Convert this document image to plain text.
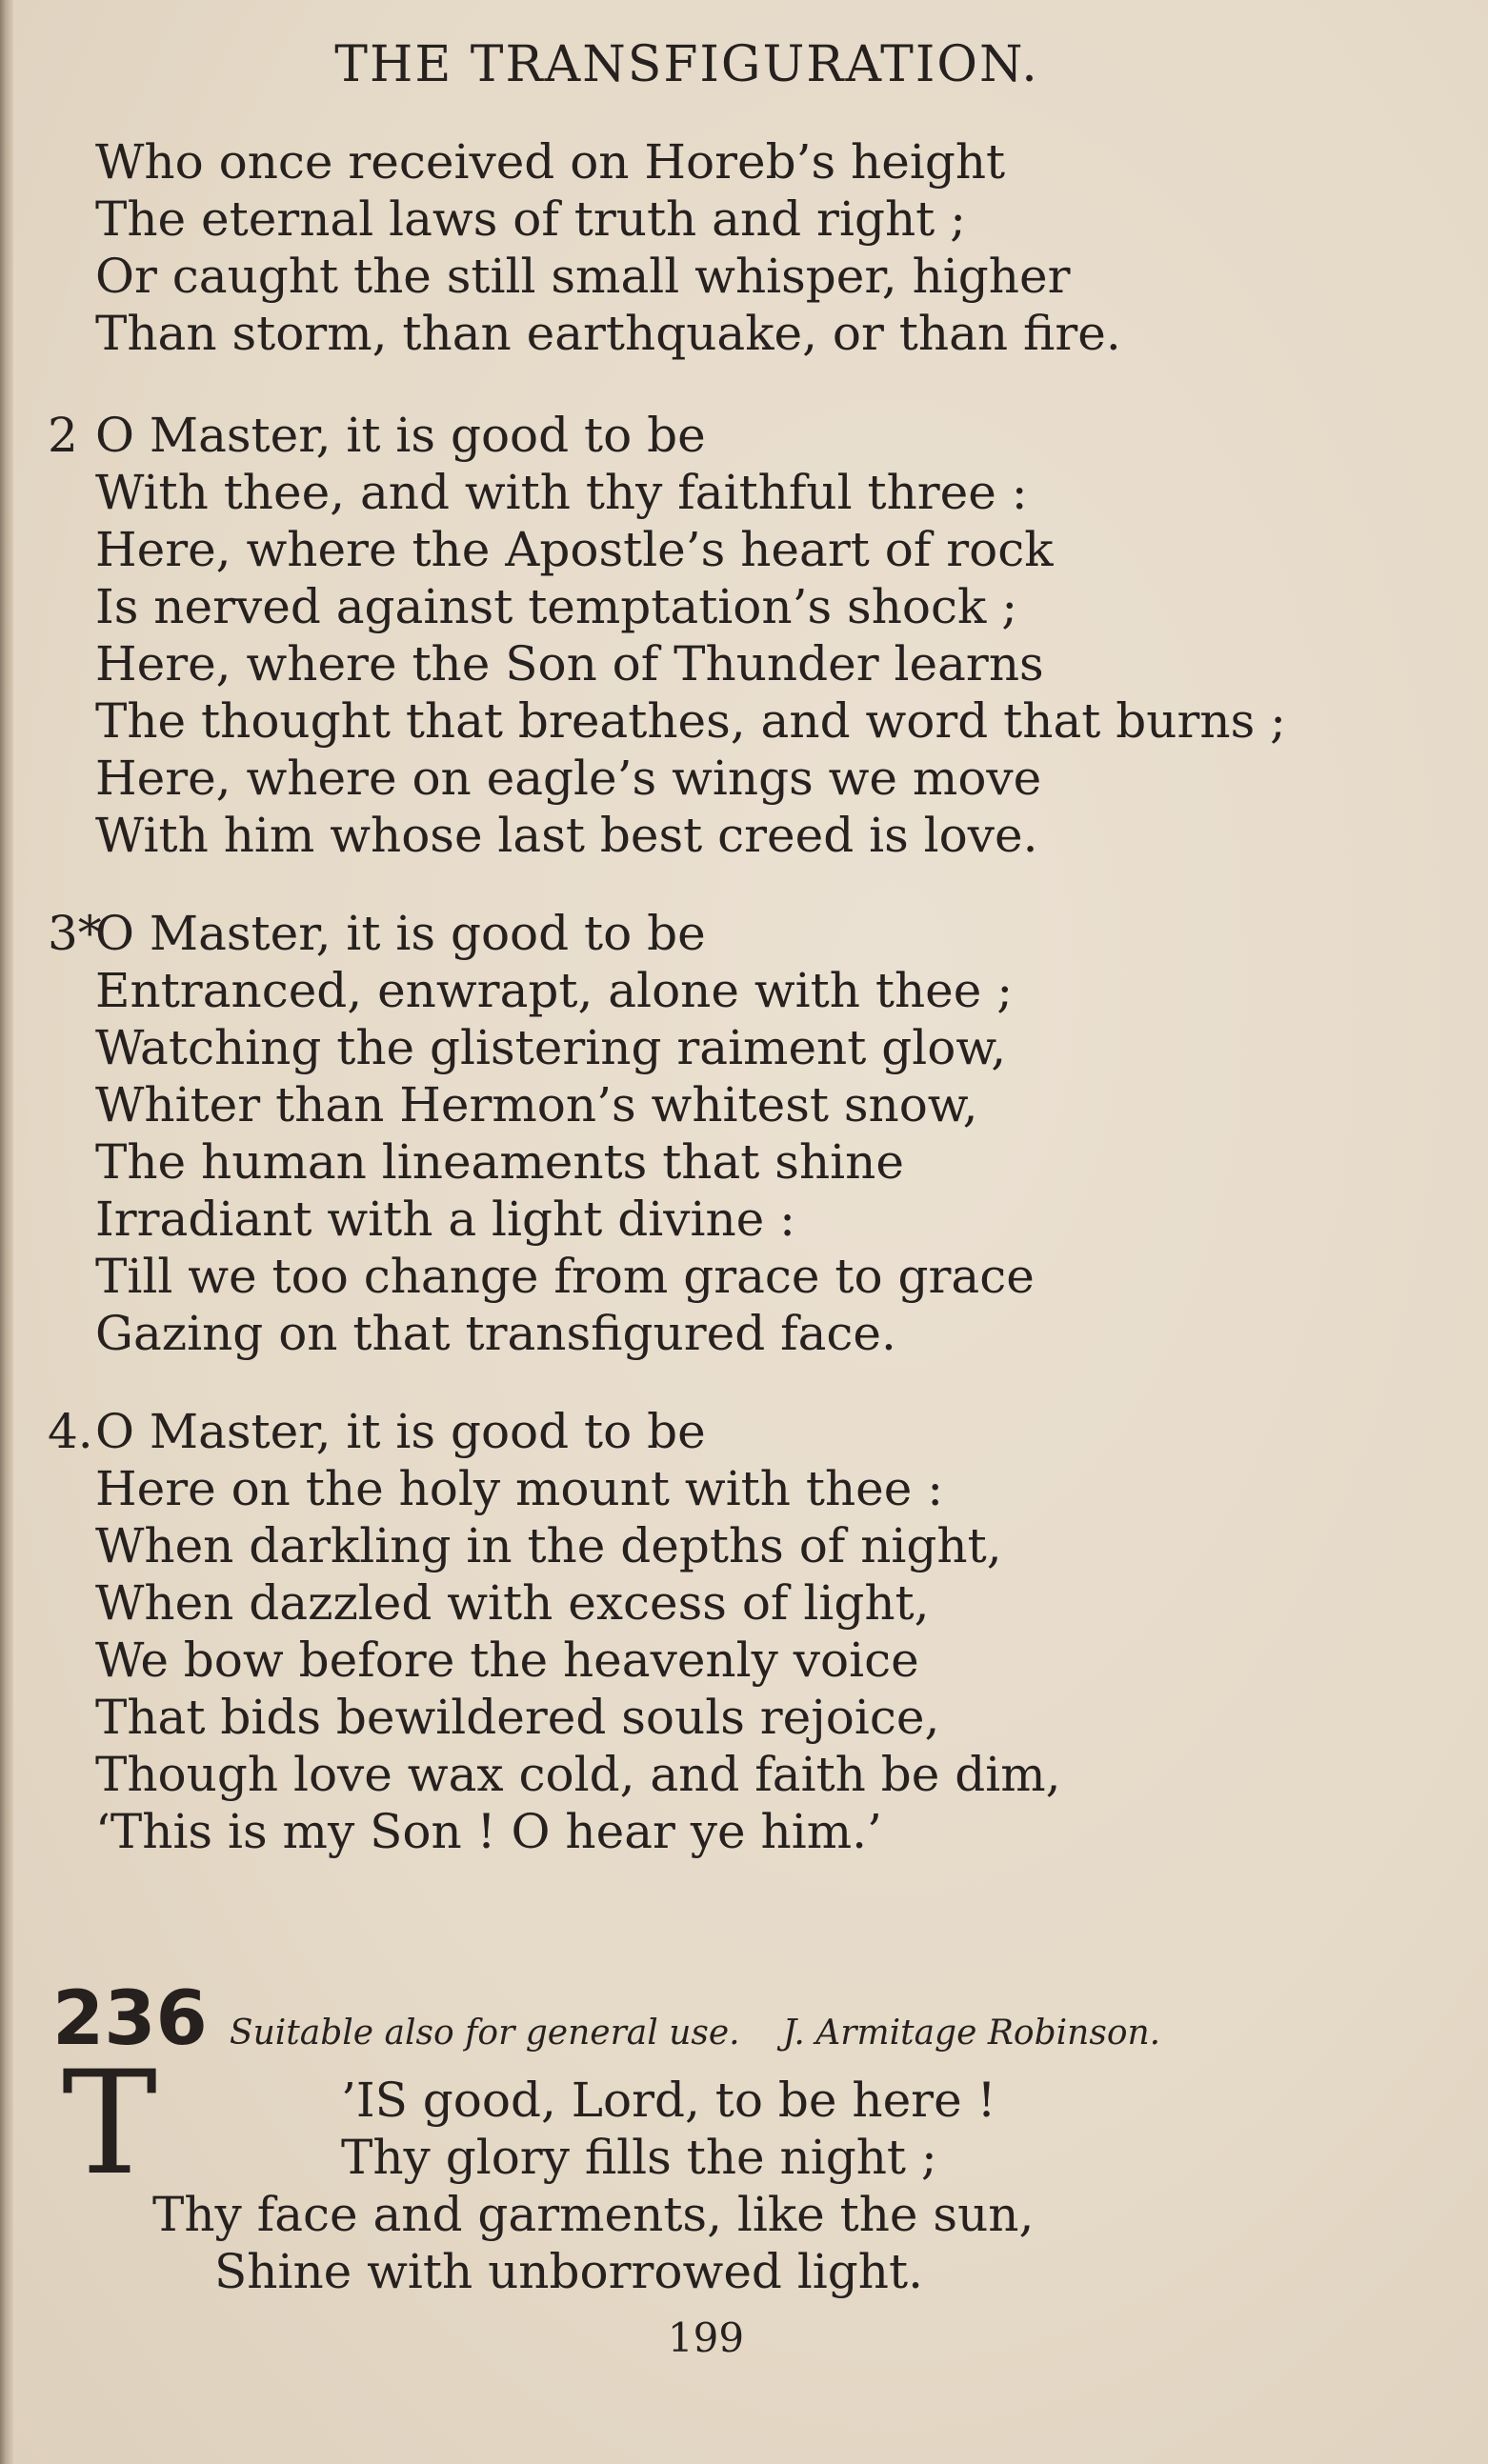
THE TRANSFIGURATION.
Who once received on Horeb’s height
The eternal laws of truth and right ;
Or caught the still small whisper, higher
Than storm, than earthquake, or than fire.
2 O Master, it is good to be
With thee, and with thy faithful three :
Here, where the Apostle’s heart of rock
Is nerved against temptation’s shock ;
Here, where the Son of Thunder learns
The thought that breathes, and word that burns ;
Here, where on eagle’s wings we move
With him whose last best creed is love.
3*O Master, it is good to be
Entranced, enwrapt, alone with thee ;
Watching the glistering raiment glow,
Whiter than Hermon’s whitest snow,
The human lineaments that shine
Irradiant with a light divine :
Till we too change from grace to grace
Gazing on that transfigured face.
4.O Master, it is good to be
Here on the holy mount with thee :
When darkling in the depths of night,
When dazzled with excess of light,
We bow before the heavenly voice
That bids bewildered souls rejoice,
Though love wax cold, and faith be dim,
‘This is my Son ! O hear ye him.’
236 Suitable also for general use. J. Armitage Robinson.
T	’IS good, Lord, to be here !
Thy glory fills the night ;
Thy face and garments, like the sun,
Shine with unborrowed light.
199
